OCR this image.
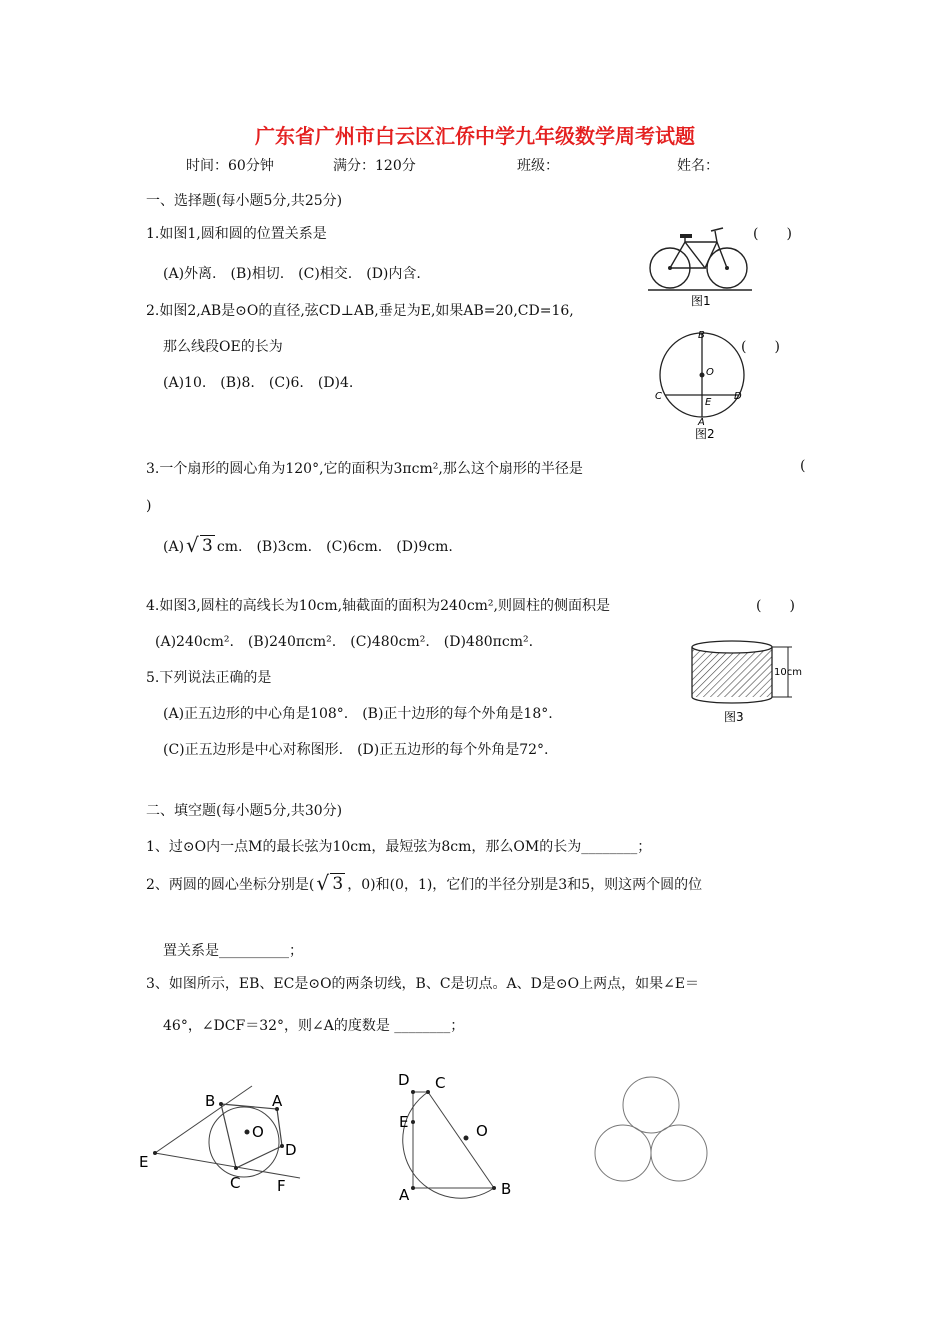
广东省广州市白云区汇侨中学九年级数学周考试题
时间：60分钟	满分：120分	班级：	姓名：
一、选择题(每小题5分,共25分)
1.如图1,圆和圆的位置关系是	(　　)
(A)外离.　(B)相切.　(C)相交.　(D)内含.
2.如图2,AB是⊙O的直径,弦CD⊥AB,垂足为E,如果AB=20,CD=16,
那么线段OE的长为	(　　)
(A)10.　(B)8.　(C)6.　(D)4.
3.一个扇形的圆心角为120°,它的面积为3πcm²,那么这个扇形的半径是	(
)
(A) √ 3 cm.　(B)3cm.　(C)6cm.　(D)9cm.
4.如图3,圆柱的高线长为10cm,轴截面的面积为240cm²,则圆柱的侧面积是	(　　)
(A)240cm².　(B)240πcm².　(C)480cm².　(D)480πcm².
5.下列说法正确的是
(A)正五边形的中心角是108°.　(B)正十边形的每个外角是18°.
(C)正五边形是中心对称图形.　(D)正五边形的每个外角是72°.
二、填空题(每小题5分,共30分)
1、过⊙O内一点M的最长弦为10cm，最短弦为8cm，那么OM的长为________；
2、两圆的圆心坐标分别是( √ 3 ，0)和(0，1)，它们的半径分别是3和5，则这两个圆的位
置关系是__________；
3、如图所示，EB、EC是⊙O的两条切线，B、C是切点。A、D是⊙O上两点，如果∠E＝
46°，∠DCF＝32°，则∠A的度数是 ________；
图1
B
O
C
E
D
A
图2
10cm
图3
B	A
O
D
E
C F
D C
E	O
A	B
